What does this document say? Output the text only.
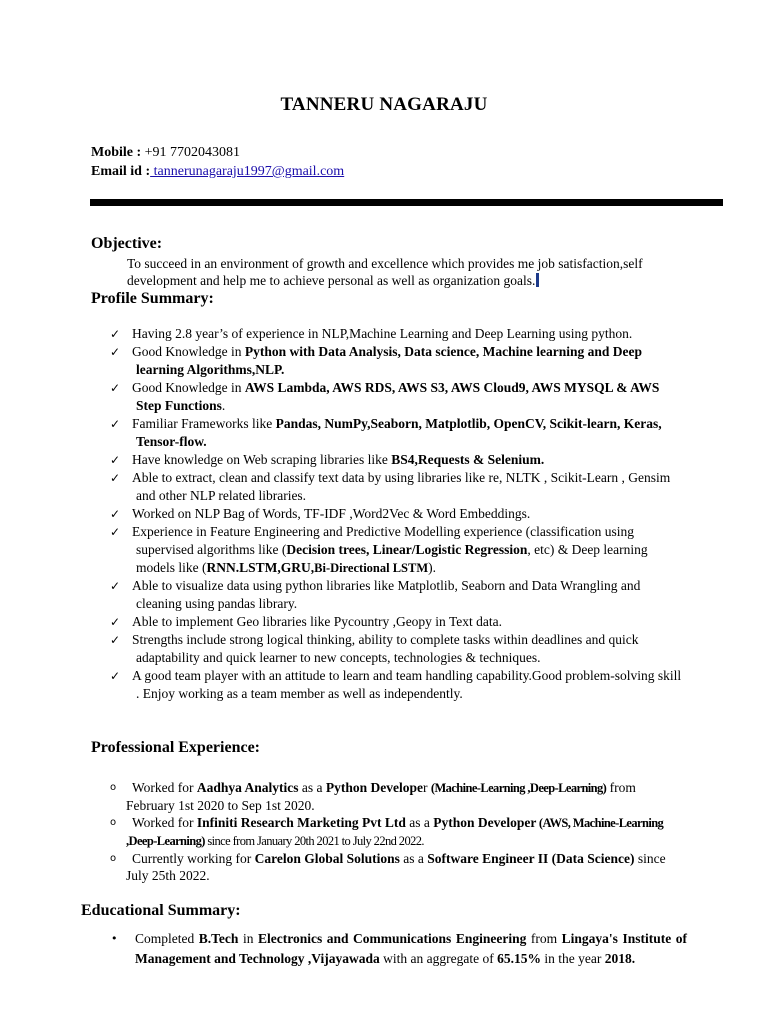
TANNERU NAGARAJU
Mobile : +91 7702043081
Email id : tannerunagaraju1997@gmail.com
Objective:
To succeed in an environment of growth and excellence which provides me job satisfaction,self
development and help me to achieve personal as well as organization goals.
Profile Summary:
✓ Having 2.8 year’s of experience in NLP,Machine Learning and Deep Learning using python.
✓ Good Knowledge in Python with Data Analysis, Data science, Machine learning and Deep learning Algorithms,NLP.
✓ Good Knowledge in AWS Lambda, AWS RDS, AWS S3, AWS Cloud9, AWS MYSQL & AWS Step Functions.
✓ Familiar Frameworks like Pandas, NumPy,Seaborn, Matplotlib, OpenCV, Scikit-learn, Keras, Tensor-flow.
✓ Have knowledge on Web scraping libraries like BS4,Requests & Selenium.
✓ Able to extract, clean and classify text data by using libraries like re, NLTK , Scikit-Learn , Gensim and other NLP related libraries.
✓ Worked on NLP Bag of Words, TF-IDF ,Word2Vec & Word Embeddings.
✓ Experience in Feature Engineering and Predictive Modelling experience (classification using supervised algorithms like (Decision trees, Linear/Logistic Regression, etc) & Deep learning models like (RNN.LSTM,GRU,Bi-Directional LSTM).
✓ Able to visualize data using python libraries like Matplotlib, Seaborn and Data Wrangling and cleaning using pandas library.
✓ Able to implement Geo libraries like Pycountry ,Geopy in Text data.
✓ Strengths include strong logical thinking, ability to complete tasks within deadlines and quick adaptability and quick learner to new concepts, technologies & techniques.
✓ A good team player with an attitude to learn and team handling capability.Good problem-solving skill . Enjoy working as a team member as well as independently.
Professional Experience:
o Worked for Aadhya Analytics as a Python Developer (Machine-Learning ,Deep-Learning) from February 1st 2020 to Sep 1st 2020.
o Worked for Infiniti Research Marketing Pvt Ltd as a Python Developer (AWS, Machine-Learning ,Deep-Learning) since from January 20th 2021 to July 22nd 2022.
o Currently working for Carelon Global Solutions as a Software Engineer II (Data Science) since July 25th 2022.
Educational Summary:
• Completed B.Tech in Electronics and Communications Engineering from Lingaya's Institute of Management and Technology ,Vijayawada with an aggregate of 65.15% in the year 2018.
